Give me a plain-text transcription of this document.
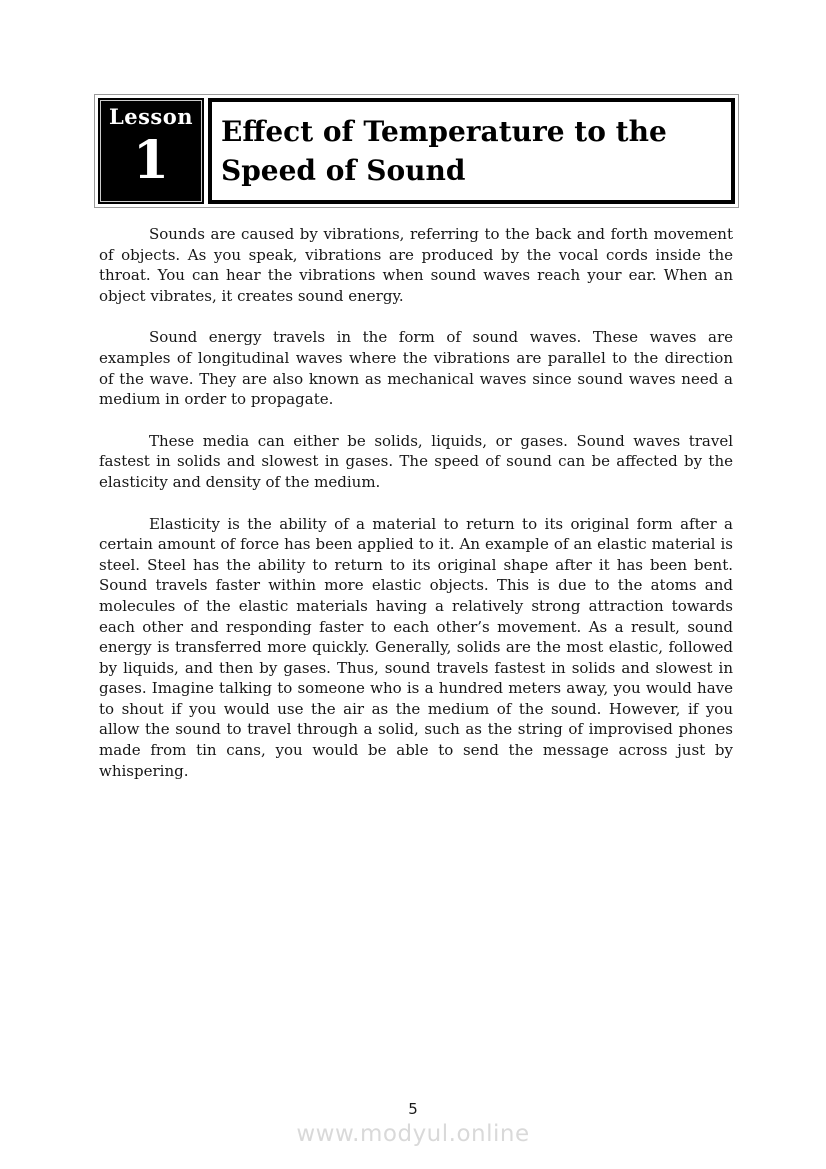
Lesson
1	Effect of Temperature to the
Speed of Sound

Sounds are caused by vibrations, referring to the back and forth movement of objects. As you speak, vibrations are produced by the vocal cords inside the throat. You can hear the vibrations when sound waves reach your ear. When an object vibrates, it creates sound energy.

Sound energy travels in the form of sound waves. These waves are examples of longitudinal waves where the vibrations are parallel to the direction of the wave. They are also known as mechanical waves since sound waves need a medium in order to propagate.

These media can either be solids, liquids, or gases. Sound waves travel fastest in solids and slowest in gases. The speed of sound can be affected by the elasticity and density of the medium.

Elasticity is the ability of a material to return to its original form after a certain amount of force has been applied to it. An example of an elastic material is steel. Steel has the ability to return to its original shape after it has been bent. Sound travels faster within more elastic objects. This is due to the atoms and molecules of the elastic materials having a relatively strong attraction towards each other and responding faster to each other’s movement. As a result, sound energy is transferred more quickly. Generally, solids are the most elastic, followed by liquids, and then by gases. Thus, sound travels fastest in solids and slowest in gases. Imagine talking to someone who is a hundred meters away, you would have to shout if you would use the air as the medium of the sound. However, if you allow the sound to travel through a solid, such as the string of improvised phones made from tin cans, you would be able to send the message across just by whispering.

5
www.modyul.online
